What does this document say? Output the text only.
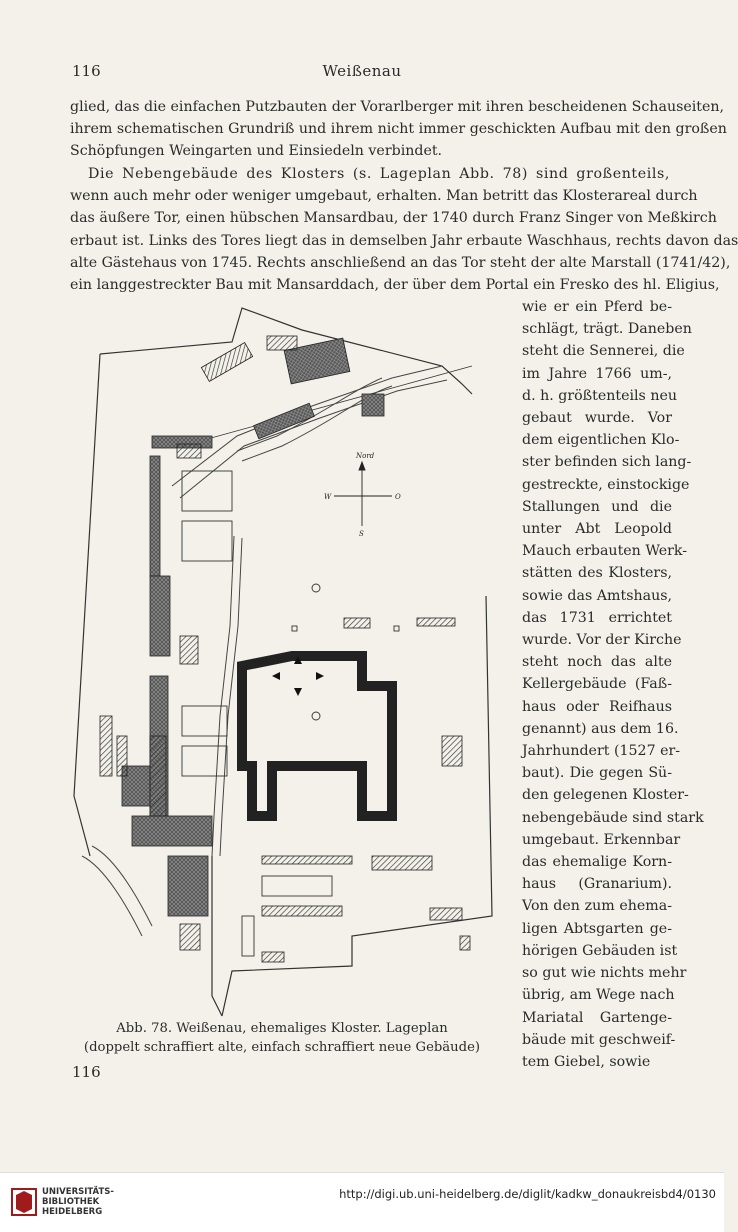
116	Weißenau
glied, das die einfachen Putzbauten der Vorarlberger mit ihren bescheidenen Schauseiten,
ihrem schematischen Grundriß und ihrem nicht immer geschickten Aufbau mit den großen
Schöpfungen Weingarten und Einsiedeln verbindet.
Die Nebengebäude des Klosters (s. Lageplan Abb. 78) sind großenteils,
wenn auch mehr oder weniger umgebaut, erhalten. Man betritt das Klosterareal durch
das äußere Tor, einen hübschen Mansardbau, der 1740 durch Franz Singer von Meßkirch
erbaut ist. Links des Tores liegt das in demselben Jahr erbaute Waschhaus, rechts davon das
alte Gästehaus von 1745. Rechts anschließend an das Tor steht der alte Marstall (1741/42),
ein langgestreckter Bau mit Mansarddach, der über dem Portal ein Fresko des hl. Eligius,
wie er ein Pferd be-
schlägt, trägt. Daneben
steht die Sennerei, die
im Jahre 1766 um-,
d. h. größtenteils neu
gebaut wurde. Vor
dem eigentlichen Klo-
ster befinden sich lang-
gestreckte, einstockige
Stallungen und die
unter Abt Leopold
Mauch erbauten Werk-
stätten des Klosters,
sowie das Amtshaus,
das 1731 errichtet
wurde. Vor der Kirche
steht noch das alte
Kellergebäude (Faß-
haus oder Reifhaus
genannt) aus dem 16.
Jahrhundert (1527 er-
baut). Die gegen Sü-
den gelegenen Kloster-
nebengebäude sind stark
umgebaut. Erkennbar
das ehemalige Korn-
haus (Granarium).
Von den zum ehema-
ligen Abtsgarten ge-
hörigen Gebäuden ist
so gut wie nichts mehr
übrig, am Wege nach
Mariatal Gartenge-
bäude mit geschweif-
tem Giebel, sowie
Nord
W	O
S
Abb. 78. Weißenau, ehemaliges Kloster. Lageplan
(doppelt schraffiert alte, einfach schraffiert neue Gebäude)
116
UNIVERSITÄTS-
BIBLIOTHEK
HEIDELBERG
http://digi.ub.uni-heidelberg.de/diglit/kadkw_donaukreisbd4/0130
